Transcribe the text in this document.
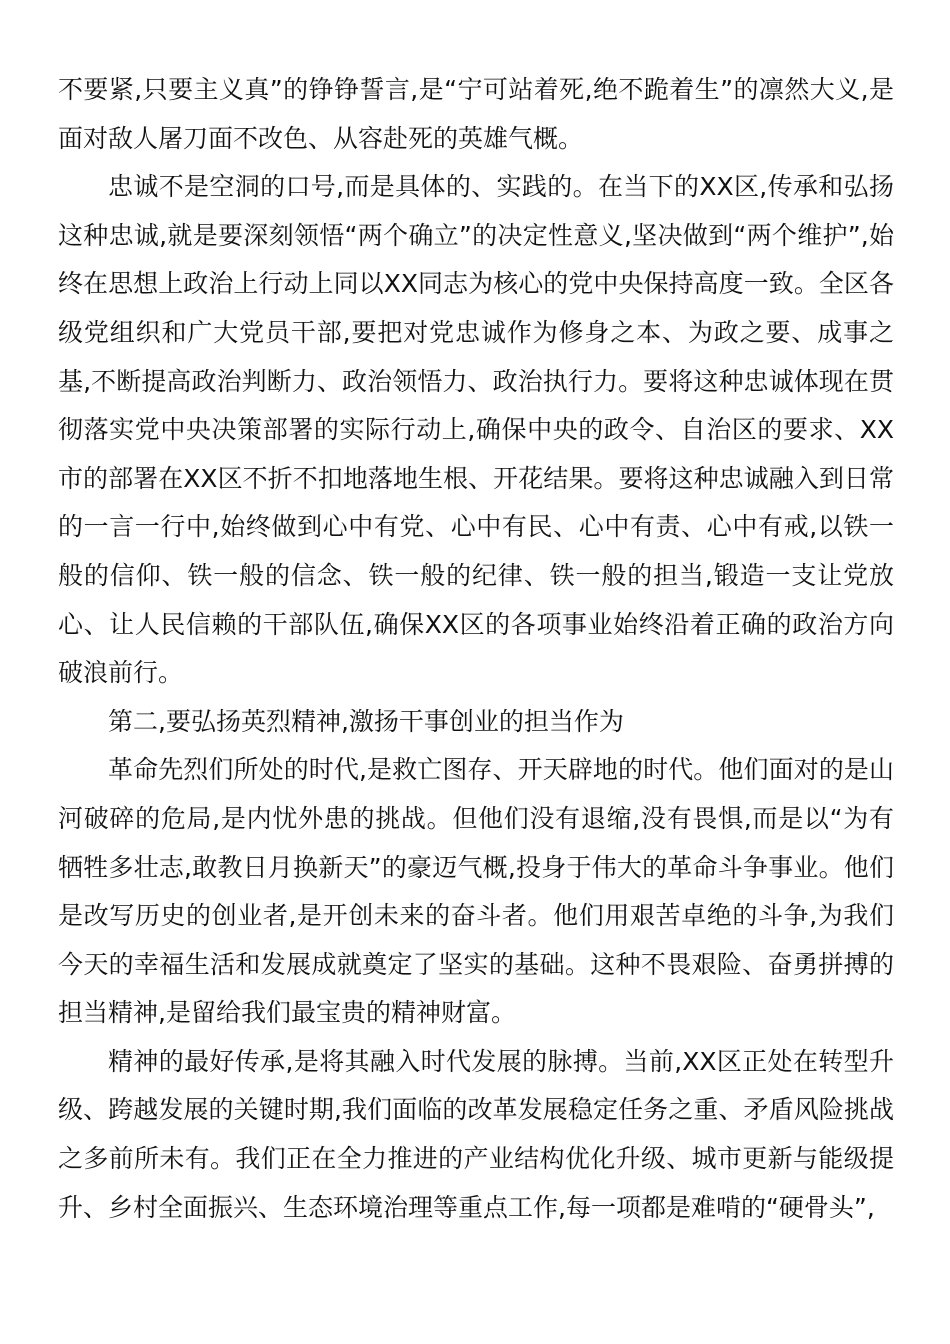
不要紧,只要主义真”的铮铮誓言,是“宁可站着死,绝不跪着生”的凛然大义,是面对敌人屠刀面不改色、从容赴死的英雄气概。

忠诚不是空洞的口号,而是具体的、实践的。在当下的XX区,传承和弘扬这种忠诚,就是要深刻领悟“两个确立”的决定性意义,坚决做到“两个维护”,始终在思想上政治上行动上同以XX同志为核心的党中央保持高度一致。全区各级党组织和广大党员干部,要把对党忠诚作为修身之本、为政之要、成事之基,不断提高政治判断力、政治领悟力、政治执行力。要将这种忠诚体现在贯彻落实党中央决策部署的实际行动上,确保中央的政令、自治区的要求、XX市的部署在XX区不折不扣地落地生根、开花结果。要将这种忠诚融入到日常的一言一行中,始终做到心中有党、心中有民、心中有责、心中有戒,以铁一般的信仰、铁一般的信念、铁一般的纪律、铁一般的担当,锻造一支让党放心、让人民信赖的干部队伍,确保XX区的各项事业始终沿着正确的政治方向破浪前行。

第二,要弘扬英烈精神,激扬干事创业的担当作为

革命先烈们所处的时代,是救亡图存、开天辟地的时代。他们面对的是山河破碎的危局,是内忧外患的挑战。但他们没有退缩,没有畏惧,而是以“为有牺牲多壮志,敢教日月换新天”的豪迈气概,投身于伟大的革命斗争事业。他们是改写历史的创业者,是开创未来的奋斗者。他们用艰苦卓绝的斗争,为我们今天的幸福生活和发展成就奠定了坚实的基础。这种不畏艰险、奋勇拼搏的担当精神,是留给我们最宝贵的精神财富。

精神的最好传承,是将其融入时代发展的脉搏。当前,XX区正处在转型升级、跨越发展的关键时期,我们面临的改革发展稳定任务之重、矛盾风险挑战之多前所未有。我们正在全力推进的产业结构优化升级、城市更新与能级提升、乡村全面振兴、生态环境治理等重点工作,每一项都是难啃的“硬骨头”,
